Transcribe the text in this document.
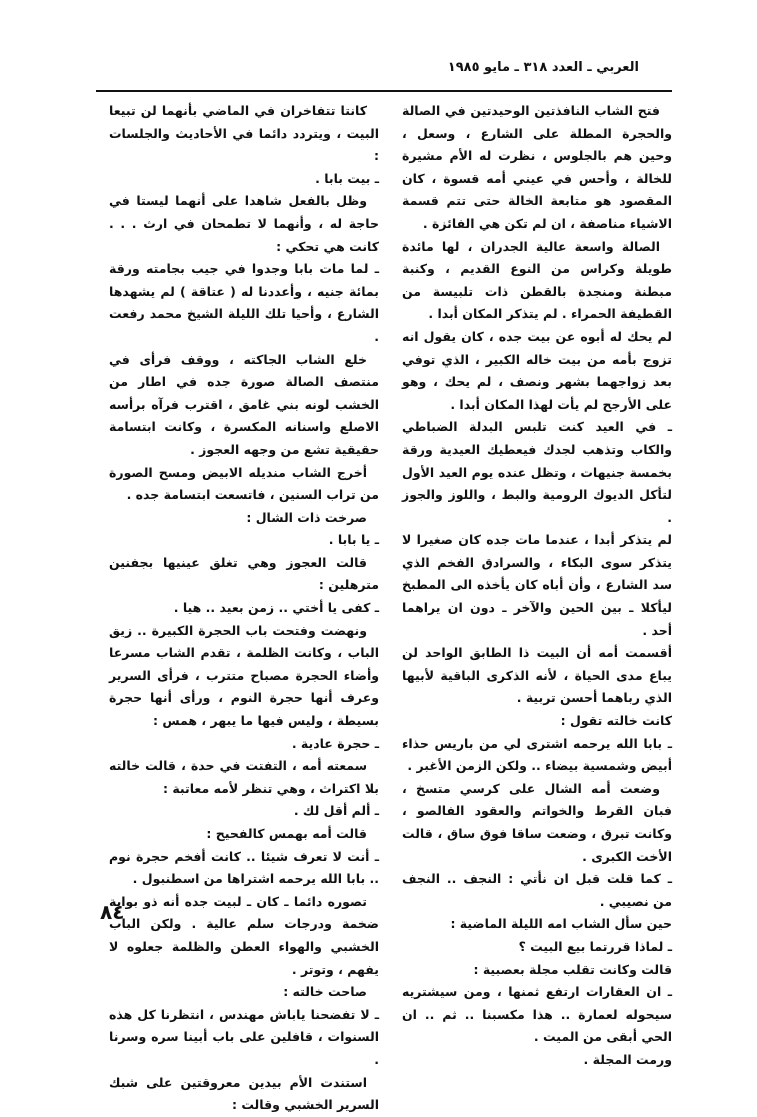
العربي ـ العدد ٣١٨ ـ مايو ١٩٨٥

فتح الشاب النافذتين الوحيدتين في الصالة والحجرة المطلة على الشارع ، وسعل ، وحين هم بالجلوس ، نظرت له الأم مشيرة للخالة ، وأحس في عيني أمه قسوة ، كان المقصود هو متابعة الخالة حتى تتم قسمة الاشياء مناصفة ، ان لم تكن هي الفائزة .

الصالة واسعة عالية الجدران ، لها مائدة طويلة وكراس من النوع القديم ، وكنبة مبطنة ومنجدة بالقطن ذات تلبيسة من القطيفة الحمراء . لم يتذكر المكان أبدا .

لم يحك له أبوه عن بيت جده ، كان يقول انه تزوج بأمه من بيت خاله الكبير ، الذي توفي بعد زواجهما بشهر ونصف ، لم يحك ، وهو على الأرجح لم يأت لهذا المكان أبدا .

ـ في العيد كنت تلبس البدلة الضباطي والكاب وتذهب لجدك فيعطيك العيدية ورقة بخمسة جنيهات ، وتظل عنده يوم العيد الأول لتأكل الديوك الرومية والبط ، واللوز والجوز .

لم يتذكر أبدا ، عندما مات جده كان صغيرا لا يتذكر سوى البكاء ، والسرادق الفخم الذي سد الشارع ، وأن أباه كان يأخذه الى المطبخ ليأكلا ـ بين الحين والآخر ـ دون ان يراهما أحد .

أقسمت أمه أن البيت ذا الطابق الواحد لن يباع مدى الحياة ، لأنه الذكرى الباقية لأبيها الذي رباهما أحسن تربية .

كانت خالته تقول :

ـ بابا الله يرحمه اشترى لي من باريس حذاء أبيض وشمسية بيضاء .. ولكن الزمن الأغبر .

وضعت أمه الشال على كرسي متسخ ، فبان القرط والخواتم والعقود الفالصو ، وكانت تبرق ، وضعت ساقا فوق ساق ، قالت الأخت الكبرى .

ـ كما قلت قبل ان نأتي : النجف .. النجف من نصيبي .

حين سأل الشاب امه الليلة الماضية :

ـ لماذا قررتما بيع البيت ؟

قالت وكانت تقلب مجلة بعصبية :

ـ ان العقارات ارتفع ثمنها ، ومن سيشتريه سيحوله لعمارة .. هذا مكسبنا .. ثم .. ان الحي أبقى من الميت .

ورمت المجلة .

كانتا تتفاخران في الماضي بأنهما لن تبيعا البيت ، ويتردد دائما في الأحاديث والجلسات :

ـ بيت بابا .

وظل بالفعل شاهدا على أنهما ليستا في حاجة له ، وأنهما لا تطمحان في ارث . . . كانت هي تحكي :

ـ لما مات بابا وجدوا في جيب بجامته ورقة بمائة جنيه ، وأعددنا له ( عتاقة ) لم يشهدها الشارع ، وأحيا تلك الليلة الشيخ محمد رفعت .

خلع الشاب الجاكته ، ووقف فرأى في منتصف الصالة صورة جده في اطار من الخشب لونه بني غامق ، اقترب فرآه برأسه الاصلع واسنانه المكسرة ، وكانت ابتسامة حقيقية تشع من وجهه العجوز .

أخرج الشاب منديله الابيض ومسح الصورة من تراب السنين ، فاتسعت ابتسامة جده .

صرخت ذات الشال :

ـ يا بابا .

قالت العجوز وهي تغلق عينيها بجفنين مترهلين :

ـ كفى يا أختي .. زمن بعيد .. هيا .

ونهضت وفتحت باب الحجرة الكبيرة .. زيق الباب ، وكانت الظلمة ، تقدم الشاب مسرعا وأضاء الحجرة مصباح متترب ، فرأى السرير وعرف أنها حجرة النوم ، ورأى أنها حجرة بسيطة ، وليس فيها ما يبهر ، همس :

ـ حجرة عادية .

سمعته أمه ، التفتت في حدة ، قالت خالته بلا اكتراث ، وهي تنظر لأمه معاتبة :

ـ ألم أقل لك .

قالت أمه بهمس كالفحيح :

ـ أنت لا تعرف شيئا .. كانت أفخم حجرة نوم .. بابا الله يرحمه اشتراها من اسطنبول .

تصوره دائما ـ كان ـ لبيت جده أنه ذو بوابة ضخمة ودرجات سلم عالية . ولكن الباب الخشبي والهواء العطن والظلمة جعلوه لا يفهم ، وتوتر .

صاحت خالته :

ـ لا تفضحنا ياباش مهندس ، انتظرنا كل هذه السنوات ، قافلين على باب أبينا سره وسرنا .

استندت الأم بيدين معروقتين على شبك السرير الخشبي وقالت :

٨٤
